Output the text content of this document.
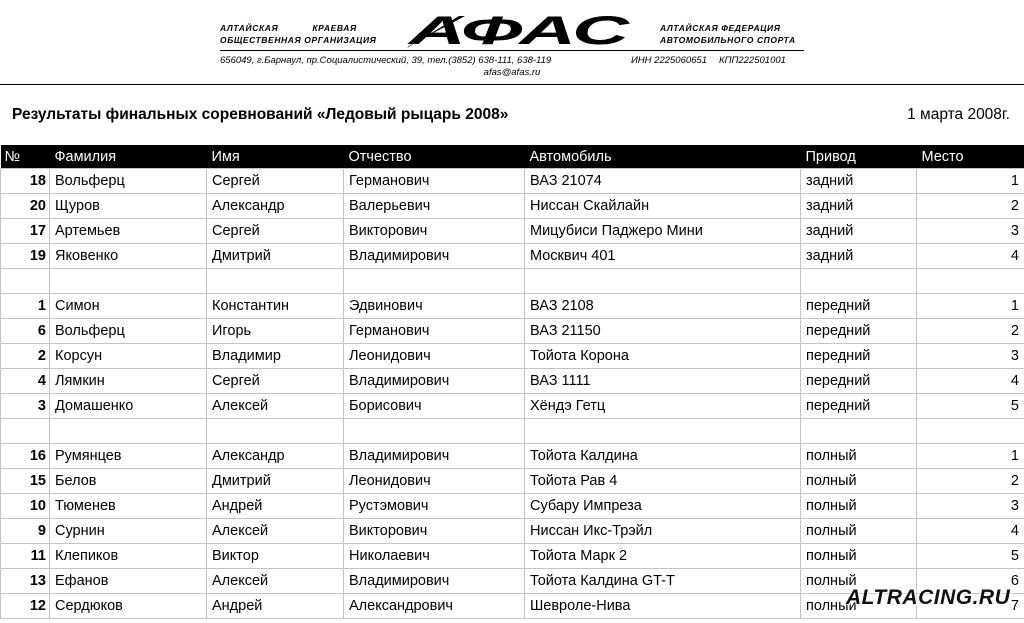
АЛТАЙСКАЯ	КРАЕВАЯ
ОБЩЕСТВЕННАЯ ОРГАНИЗАЦИЯ АФАС	АЛТАЙСКАЯ ФЕДЕРАЦИЯ
АВТОМОБИЛЬНОГО СПОРТА
656049, г.Барнаул, пр.Социалистический, 39, тел.(3852) 638-111, 638-119	ИНН 2225060651 КПП222501001
afas@afas.ru
Результаты финальных соревнований «Ледовый рыцарь 2008»	1 марта 2008г.
№	Фамилия	Имя	Отчество	Автомобиль	Привод	Место
18	Вольферц	Сергей	Германович	ВАЗ 21074	задний	1
20	Щуров	Александр	Валерьевич	Ниссан Скайлайн	задний	2
17	Артемьев	Сергей	Викторович	Мицубиси Паджеро Мини	задний	3
19	Яковенко	Дмитрий	Владимирович	Москвич 401	задний	4

1	Симон	Константин	Эдвинович	ВАЗ 2108	передний	1
6	Вольферц	Игорь	Германович	ВАЗ 21150	передний	2
2	Корсун	Владимир	Леонидович	Тойота Корона	передний	3
4	Лямкин	Сергей	Владимирович	ВАЗ 1111	передний	4
3	Домашенко	Алексей	Борисович	Хёндэ Гетц	передний	5

16	Румянцев	Александр	Владимирович	Тойота Калдина	полный	1
15	Белов	Дмитрий	Леонидович	Тойота Рав 4	полный	2
10	Тюменев	Андрей	Рустэмович	Субару Импреза	полный	3
9	Сурнин	Алексей	Викторович	Ниссан Икс-Трэйл	полный	4
11	Клепиков	Виктор	Николаевич	Тойота Марк 2	полный	5
13	Ефанов	Алексей	Владимирович	Тойота Калдина GT-T	полный	6
12	Сердюков	Андрей	Александрович	Шевроле-Нива	полный	7
ALTRACING.RU
